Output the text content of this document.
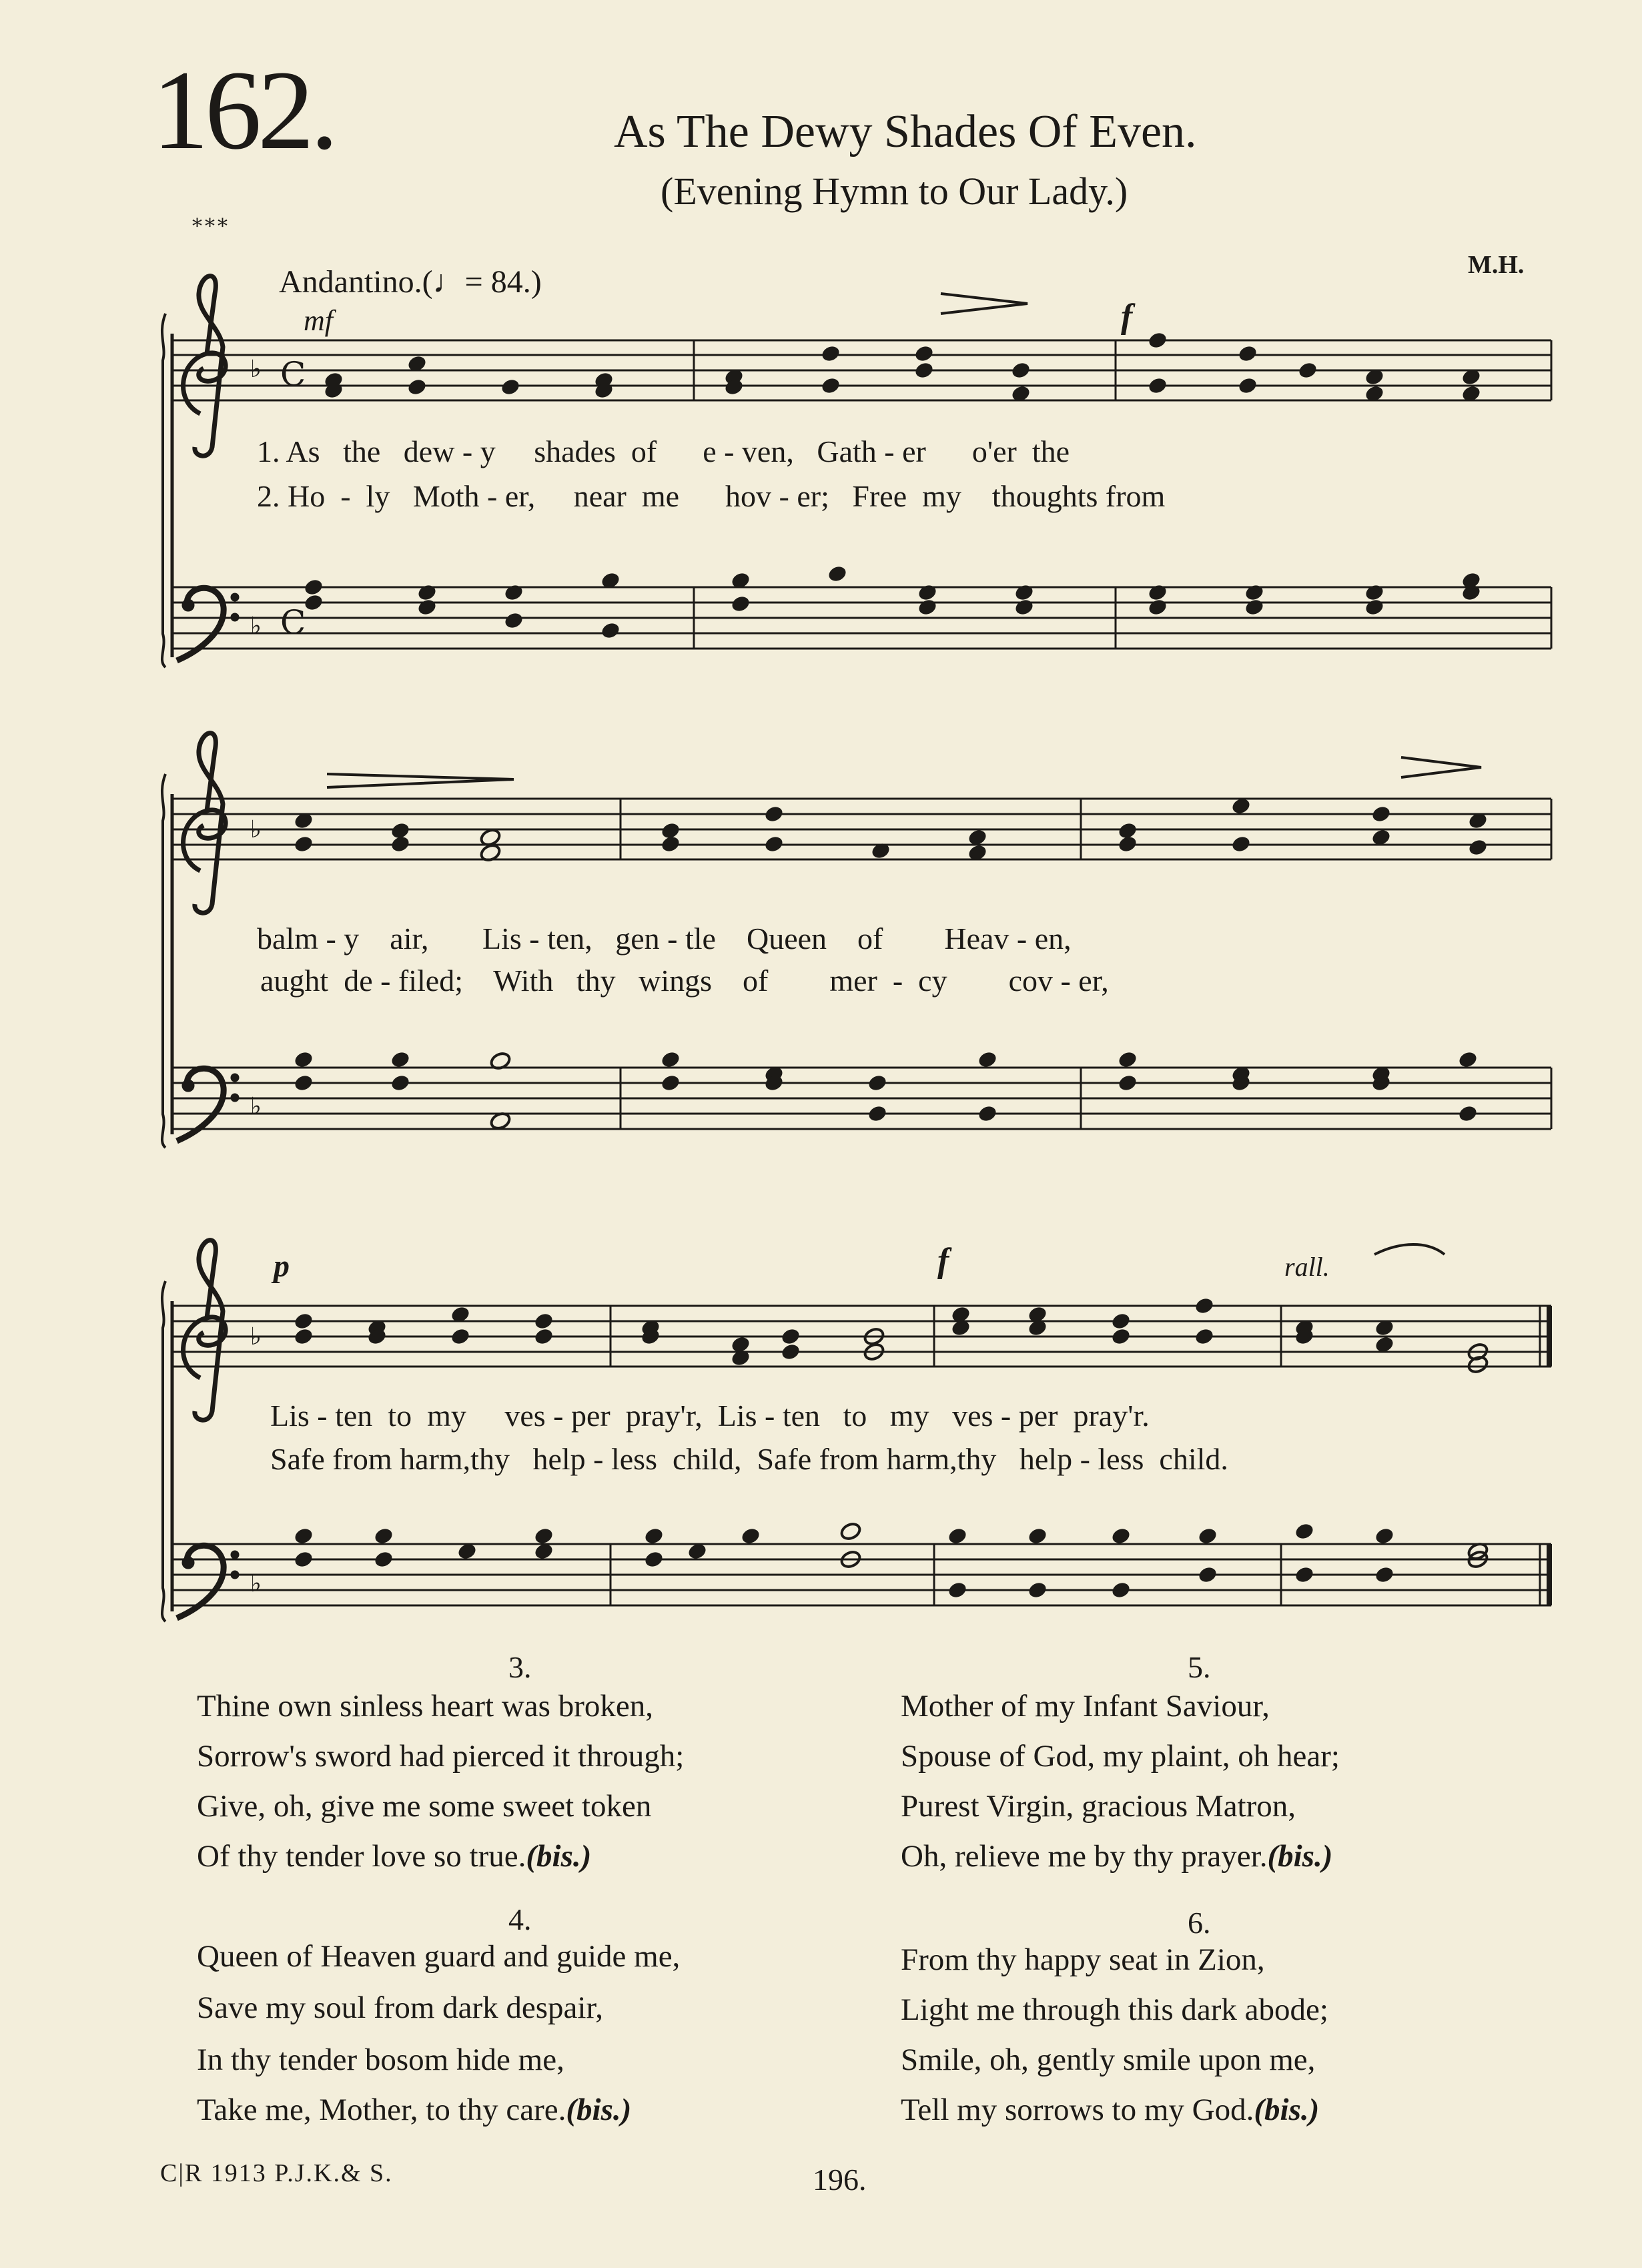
162.	As The Dewy Shades Of Even.
(Evening Hymn to Our Lady.)
***
Andantino.(♩= 84.)	M.H.
♭ C
♭ C
♭
♭
♭
♭
mf	f
p	f	rall.
1. As   the   dew - y     shades  of      e - ven,   Gath - er      o'er  the
2. Ho  -  ly   Moth - er,     near  me      hov - er;   Free  my    thoughts from
balm - y    air,       Lis - ten,   gen - tle    Queen    of        Heav - en,
aught  de - filed;    With   thy   wings    of        mer  -  cy        cov - er,
Lis - ten  to  my     ves - per  pray'r,  Lis - ten   to   my   ves - per  pray'r.
Safe from harm,thy   help - less  child,  Safe from harm,thy   help - less  child.
3.
Thine own sinless heart was broken,
Sorrow's sword had pierced it through;
Give, oh, give me some sweet token
Of thy tender love so true.(bis.)
4.
Queen of Heaven guard and guide me,
Save my soul from dark despair,
In thy tender bosom hide me,
Take me, Mother, to thy care.(bis.)
5.
Mother of my Infant Saviour,
Spouse of God, my plaint, oh hear;
Purest Virgin, gracious Matron,
Oh, relieve me by thy prayer.(bis.)
6.
From thy happy seat in Zion,
Light me through this dark abode;
Smile, oh, gently smile upon me,
Tell my sorrows to my God.(bis.)
C|R 1913 P.J.K.& S.	196.
